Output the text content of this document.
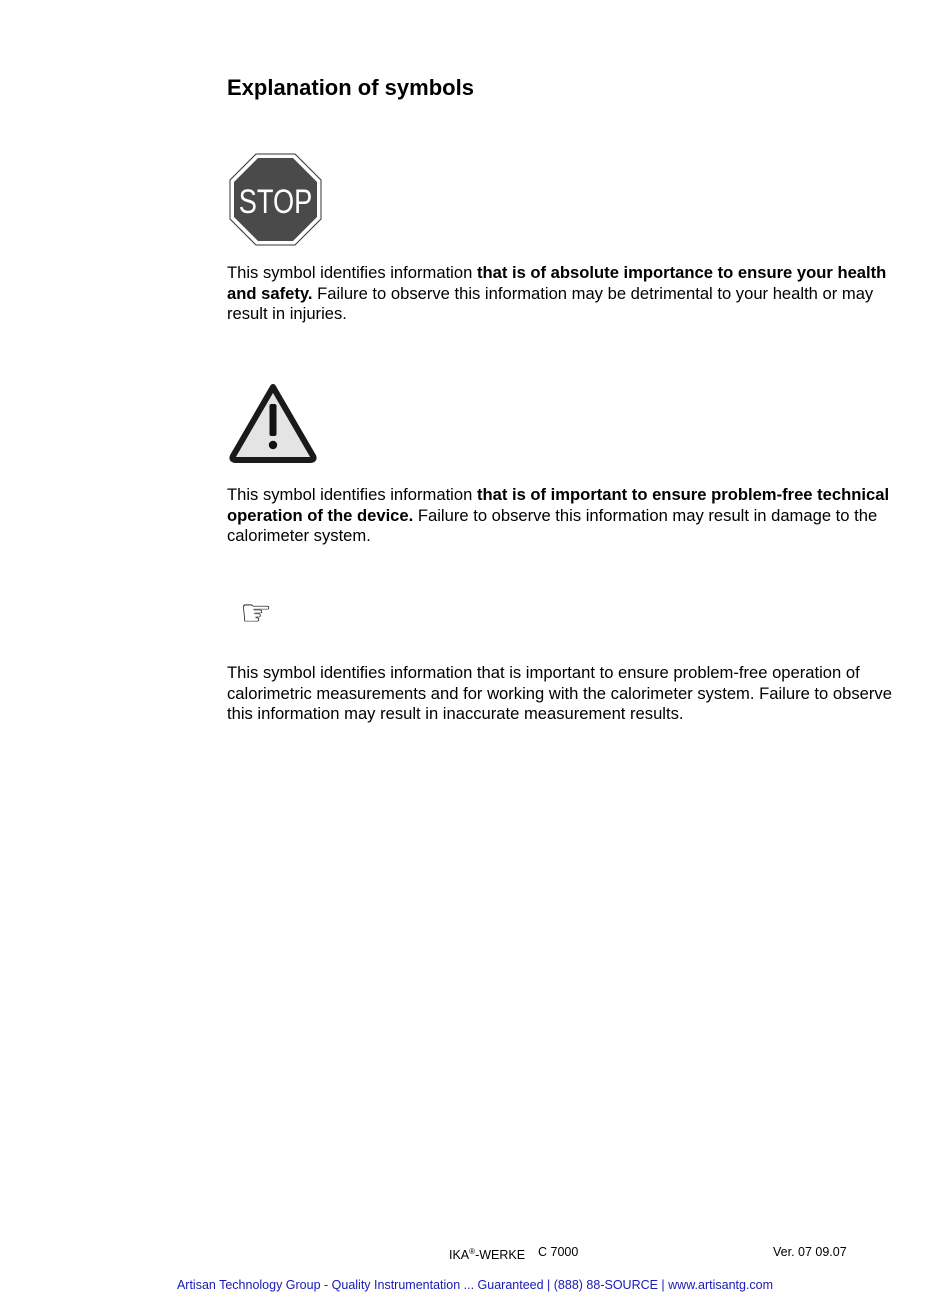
Explanation of symbols
STOP

This symbol identifies information that is of absolute importance to ensure your health and safety. Failure to observe this information may be detrimental to your health or may result in injuries.

This symbol identifies information that is of important to ensure problem-free technical operation of the device. Failure to observe this information may result in damage to the calorimeter system.

☞

This symbol identifies information that is important to ensure problem-free operation of calorimetric measurements and for working with the calorimeter system. Failure to observe this information may result in inaccurate measurement results.

IKA®-WERKE C 7000	Ver. 07 09.07
Artisan Technology Group - Quality Instrumentation ... Guaranteed | (888) 88-SOURCE | www.artisantg.com
